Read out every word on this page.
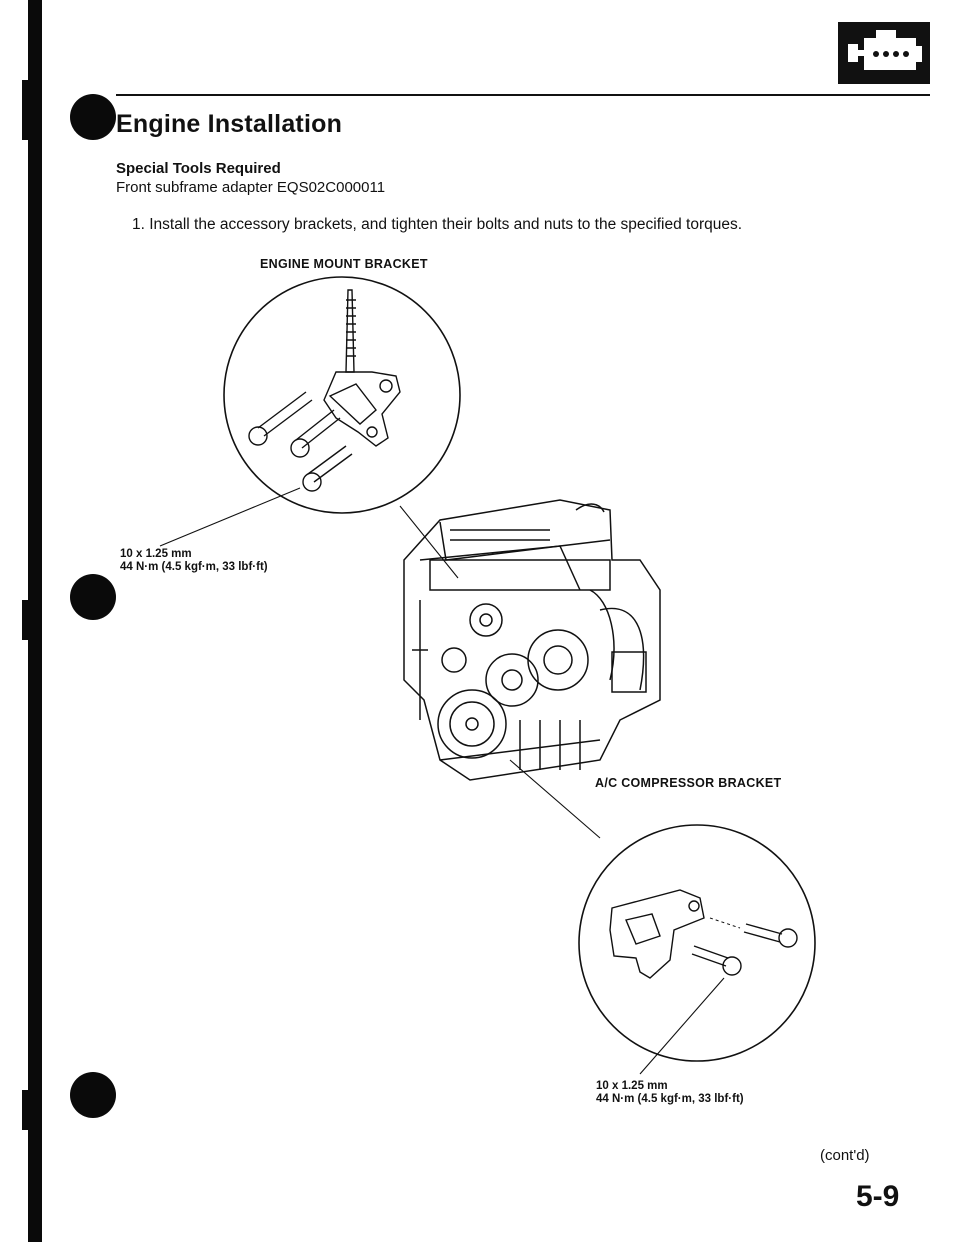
Engine Installation
Special Tools Required
Front subframe adapter EQS02C000011
1. Install the accessory brackets, and tighten their bolts and nuts to the specified torques.
ENGINE MOUNT BRACKET
A/C COMPRESSOR BRACKET
10 x 1.25 mm
44 N·m (4.5 kgf·m, 33 lbf·ft)
10 x 1.25 mm
44 N·m (4.5 kgf·m, 33 lbf·ft)
(cont'd)
5-9
